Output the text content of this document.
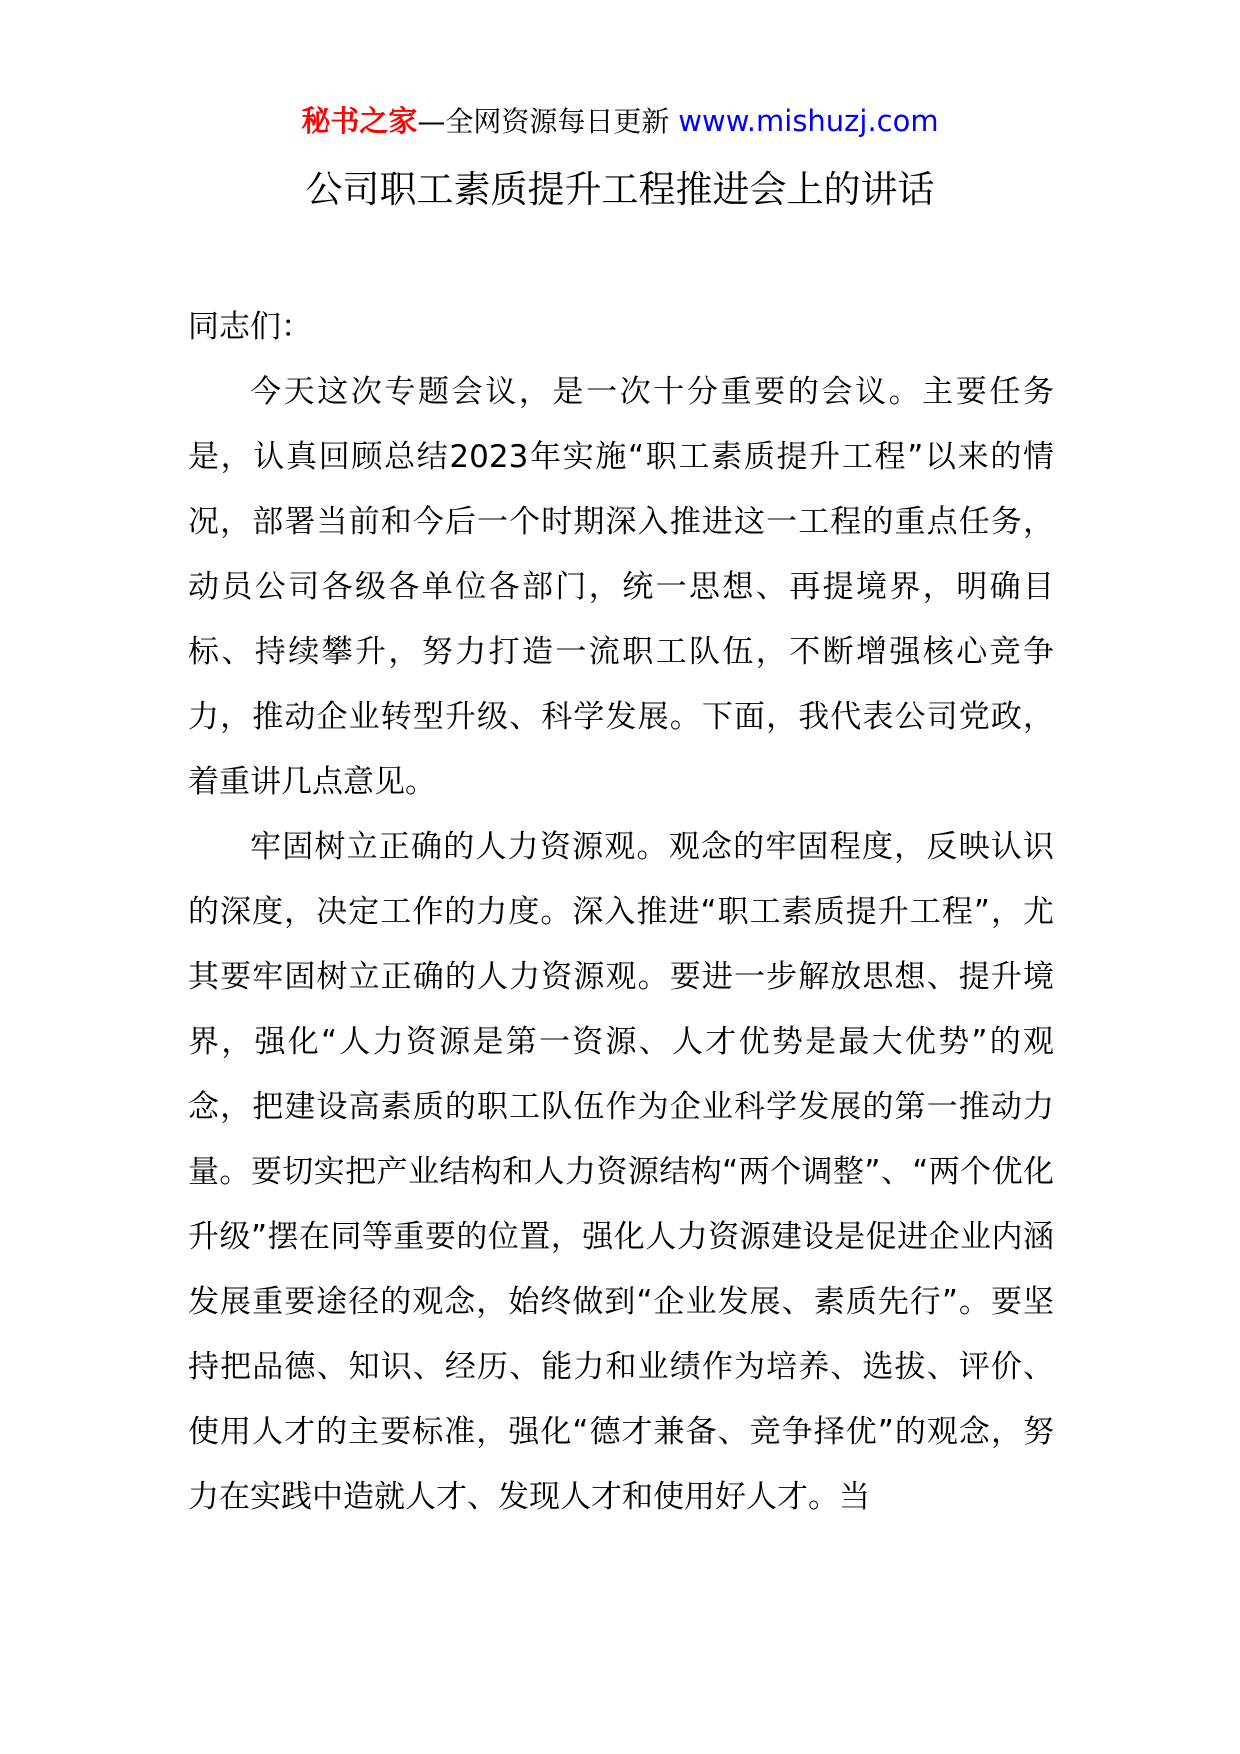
秘书之家—全网资源每日更新 www.mishuzj.com
公司职工素质提升工程推进会上的讲话

同志们：

今天这次专题会议，是一次十分重要的会议。主要任务是，认真回顾总结2023年实施“职工素质提升工程”以来的情况，部署当前和今后一个时期深入推进这一工程的重点任务，动员公司各级各单位各部门，统一思想、再提境界，明确目标、持续攀升，努力打造一流职工队伍，不断增强核心竞争力，推动企业转型升级、科学发展。下面，我代表公司党政，着重讲几点意见。

牢固树立正确的人力资源观。观念的牢固程度，反映认识的深度，决定工作的力度。深入推进“职工素质提升工程”，尤其要牢固树立正确的人力资源观。要进一步解放思想、提升境界，强化“人力资源是第一资源、人才优势是最大优势”的观念，把建设高素质的职工队伍作为企业科学发展的第一推动力量。要切实把产业结构和人力资源结构“两个调整”、“两个优化升级”摆在同等重要的位置，强化人力资源建设是促进企业内涵发展重要途径的观念，始终做到“企业发展、素质先行”。要坚持把品德、知识、经历、能力和业绩作为培养、选拔、评价、使用人才的主要标准，强化“德才兼备、竞争择优”的观念，努力在实践中造就人才、发现人才和使用好人才。当
